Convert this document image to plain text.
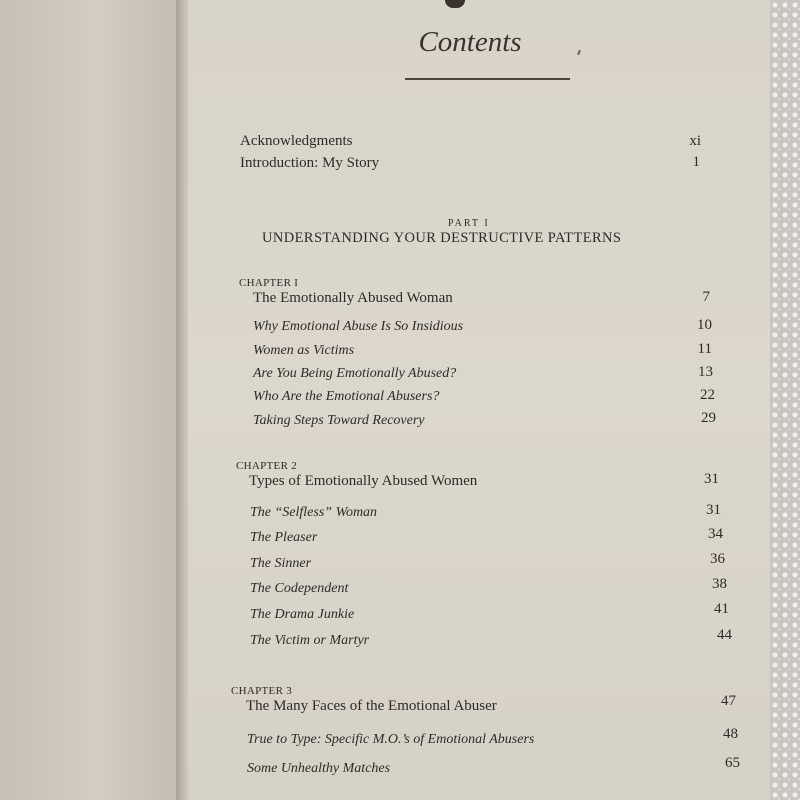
Contents
Acknowledgments	xi
Introduction: My Story	1
PART I
UNDERSTANDING YOUR DESTRUCTIVE PATTERNS
CHAPTER I
The Emotionally Abused Woman	7
Why Emotional Abuse Is So Insidious	10
Women as Victims	11
Are You Being Emotionally Abused?	13
Who Are the Emotional Abusers?	22
Taking Steps Toward Recovery	29
CHAPTER 2
Types of Emotionally Abused Women	31
The “Selfless” Woman	31
The Pleaser	34
The Sinner	36
The Codependent	38
The Drama Junkie	41
The Victim or Martyr	44
CHAPTER 3
The Many Faces of the Emotional Abuser	47
True to Type: Specific M.O.’s of Emotional Abusers	48
Some Unhealthy Matches	65
